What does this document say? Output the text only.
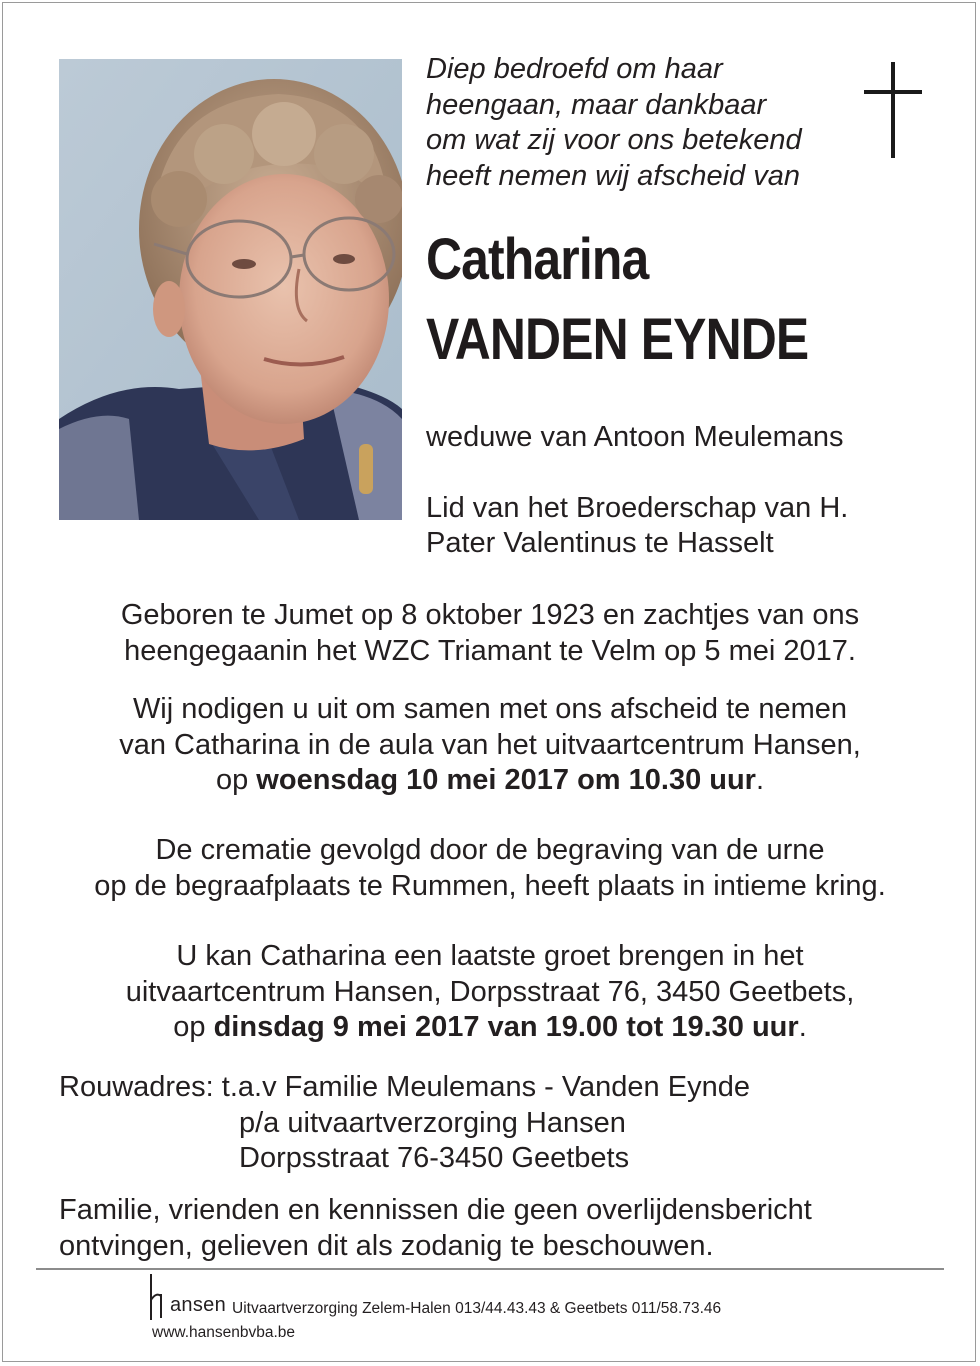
Diep bedroefd om haar
heengaan, maar dankbaar
om wat zij voor ons betekend
heeft nemen wij afscheid van
Catharina
VANDEN EYNDE
weduwe van Antoon Meulemans
Lid van het Broederschap van H.
Pater Valentinus te Hasselt
Geboren te Jumet op 8 oktober 1923 en zachtjes van ons
heengegaanin het WZC Triamant te Velm op 5 mei 2017.
Wij nodigen u uit om samen met ons afscheid te nemen
van Catharina in de aula van het uitvaartcentrum Hansen,
op woensdag 10 mei 2017 om 10.30 uur.
De crematie gevolgd door de begraving van de urne
op de begraafplaats te Rummen, heeft plaats in intieme kring.
U kan Catharina een laatste groet brengen in het
uitvaartcentrum Hansen, Dorpsstraat 76, 3450 Geetbets,
op dinsdag 9 mei 2017 van 19.00 tot 19.30 uur.
Rouwadres: t.a.v Familie Meulemans - Vanden Eynde
p/a uitvaartverzorging Hansen
Dorpsstraat 76-3450 Geetbets
Familie, vrienden en kennissen die geen overlijdensbericht
ontvingen, gelieven dit als zodanig te beschouwen.
ansen Uitvaartverzorging Zelem-Halen 013/44.43.43 & Geetbets 011/58.73.46
www.hansenbvba.be
